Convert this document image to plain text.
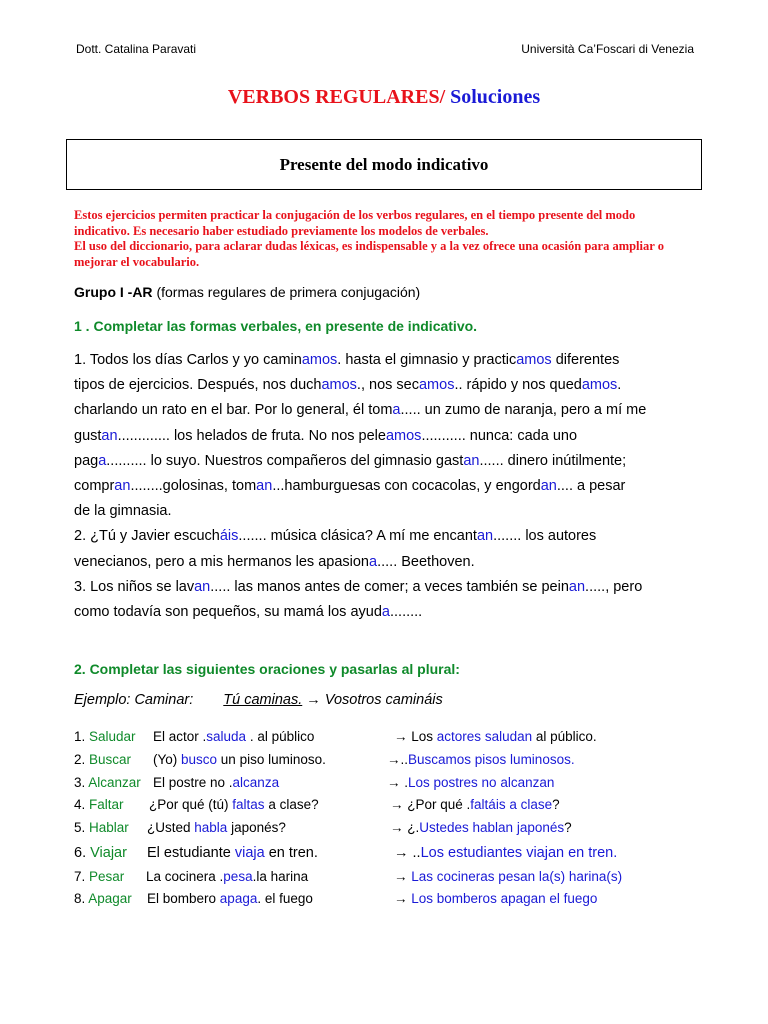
Dott. Catalina Paravati	Università Ca’Foscari di Venezia
VERBOS REGULARES/ Soluciones
Presente del modo indicativo

Estos ejercicios permiten practicar la conjugación de los verbos regulares, en el tiempo presente del modo indicativo. Es necesario haber estudiado previamente los modelos de verbales.

El uso del diccionario, para aclarar dudas léxicas, es indispensable y a la vez ofrece una ocasión para ampliar o mejorar el vocabulario.

Grupo I -AR (formas regulares de primera conjugación)
1 . Completar las formas verbales, en presente de indicativo.
1. Todos los días Carlos y yo caminamos. hasta el gimnasio y practicamos diferentes
tipos de ejercicios. Después, nos duchamos., nos secamos.. rápido y nos quedamos.
charlando un rato en el bar. Por lo general, él toma..... un zumo de naranja, pero a mí me
gustan............. los helados de fruta. No nos peleamos........... nunca: cada uno
paga.......... lo suyo. Nuestros compañeros del gimnasio gastan...... dinero inútilmente;
compran........golosinas, toman...hamburguesas con cocacolas, y engordan.... a pesar
de la gimnasia.
2. ¿Tú y Javier escucháis....... música clásica? A mí me encantan....... los autores
venecianos, pero a mis hermanos les apasiona..... Beethoven.
3. Los niños se lavan..... las manos antes de comer; a veces también se peinan....., pero
como todavía son pequeños, su mamá los ayuda........
2. Completar las siguientes oraciones y pasarlas al plural:
Ejemplo: Caminar: Tú caminas. → Vosotros camináis
1. Saludar El actor .saluda . al público	→ Los actores saludan al público.
2. Buscar (Yo) busco un piso luminoso.	→..Buscamos pisos luminosos.
3. Alcanzar El postre no .alcanza	→ .Los postres no alcanzan
4. Faltar ¿Por qué (tú) faltas a clase?	→ ¿Por qué .faltáis a clase?
5. Hablar ¿Usted habla japonés?	→ ¿.Ustedes hablan japonés?
6. Viajar El estudiante viaja en tren.	→ ..Los estudiantes viajan en tren.
7. Pesar La cocinera .pesa.la harina	→ Las cocineras pesan la(s) harina(s)
8. Apagar El bombero apaga. el fuego	→ Los bomberos apagan el fuego
